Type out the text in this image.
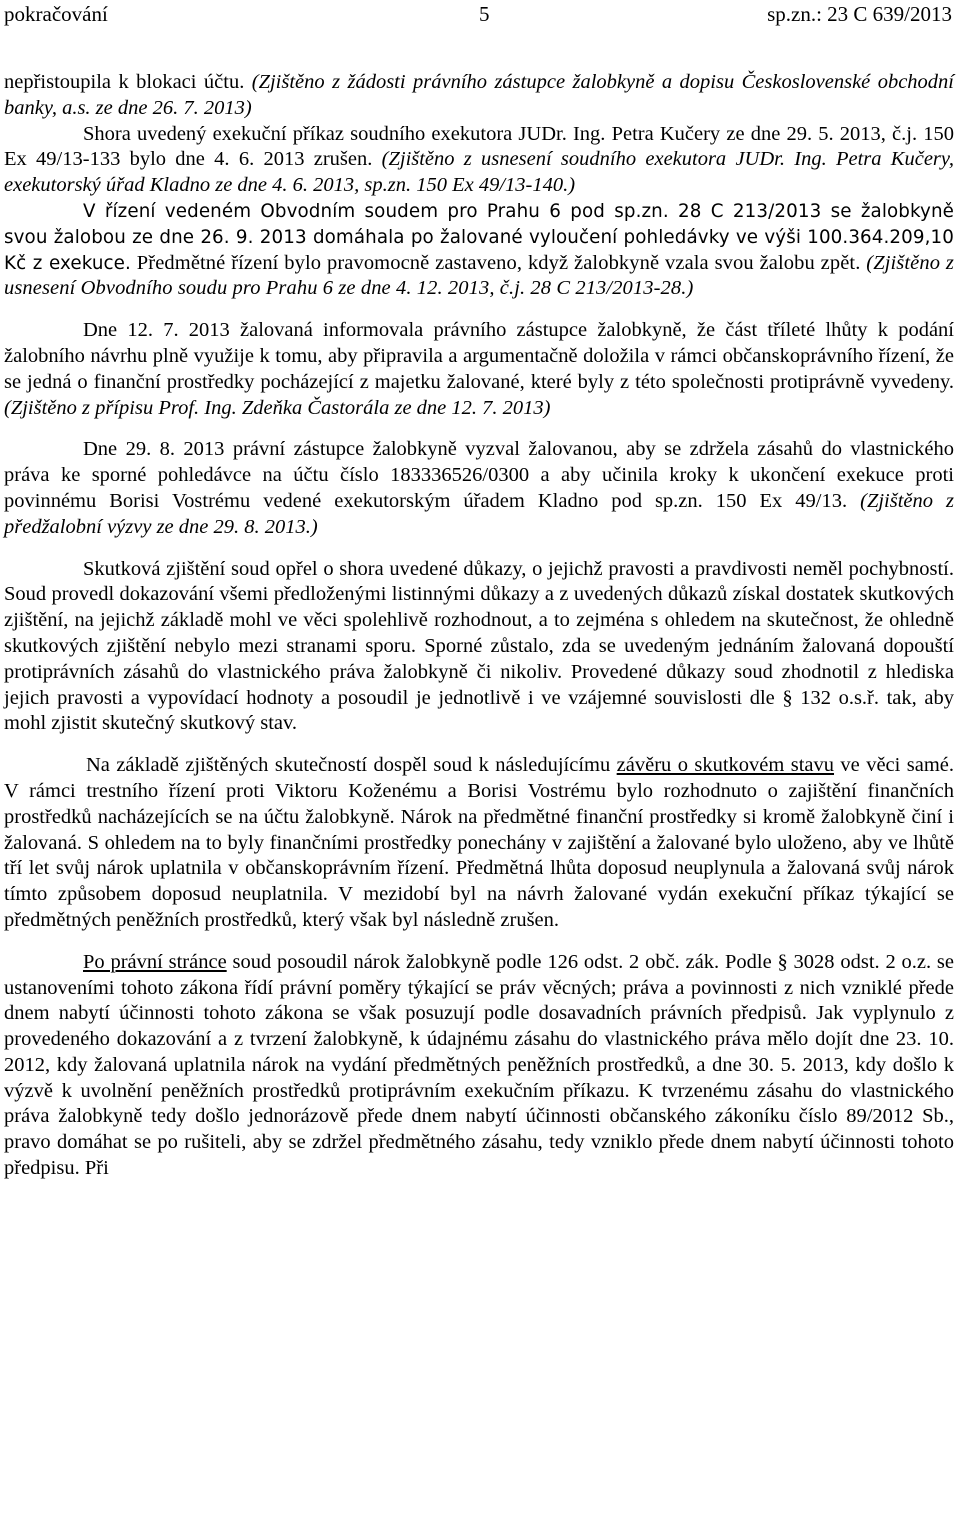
pokračování	5	sp.zn.: 23 C 639/2013

nepřistoupila k blokaci účtu. (Zjištěno z žádosti právního zástupce žalobkyně a dopisu Československé obchodní banky, a.s. ze dne 26. 7. 2013)

Shora uvedený exekuční příkaz soudního exekutora JUDr. Ing. Petra Kučery ze dne 29. 5. 2013, č.j. 150 Ex 49/13-133 bylo dne 4. 6. 2013 zrušen. (Zjištěno z usnesení soudního exekutora JUDr. Ing. Petra Kučery, exekutorský úřad Kladno ze dne 4. 6. 2013, sp.zn. 150 Ex 49/13-140.)

V řízení vedeném Obvodním soudem pro Prahu 6 pod sp.zn. 28 C 213/2013 se žalobkyně svou žalobou ze dne 26. 9. 2013 domáhala po žalované vyloučení pohledávky ve výši 100.364.209,10 Kč z exekuce. Předmětné řízení bylo pravomocně zastaveno, když žalobkyně vzala svou žalobu zpět. (Zjištěno z usnesení Obvodního soudu pro Prahu 6 ze dne 4. 12. 2013, č.j. 28 C 213/2013-28.)

Dne 12. 7. 2013 žalovaná informovala právního zástupce žalobkyně, že část tříleté lhůty k podání žalobního návrhu plně využije k tomu, aby připravila a argumentačně doložila v rámci občanskoprávního řízení, že se jedná o finanční prostředky pocházející z majetku žalované, které byly z této společnosti protiprávně vyvedeny. (Zjištěno z přípisu Prof. Ing. Zdeňka Častorála ze dne 12. 7. 2013)

Dne 29. 8. 2013 právní zástupce žalobkyně vyzval žalovanou, aby se zdržela zásahů do vlastnického práva ke sporné pohledávce na účtu číslo 183336526/0300 a aby učinila kroky k ukončení exekuce proti povinnému Borisi Vostrému vedené exekutorským úřadem Kladno pod sp.zn. 150 Ex 49/13. (Zjištěno z předžalobní výzvy ze dne 29. 8. 2013.)

Skutková zjištění soud opřel o shora uvedené důkazy, o jejichž pravosti a pravdivosti neměl pochybností. Soud provedl dokazování všemi předloženými listinnými důkazy a z uvedených důkazů získal dostatek skutkových zjištění, na jejichž základě mohl ve věci spolehlivě rozhodnout, a to zejména s ohledem na skutečnost, že ohledně skutkových zjištění nebylo mezi stranami sporu. Sporné zůstalo, zda se uvedeným jednáním žalovaná dopouští protiprávních zásahů do vlastnického práva žalobkyně či nikoliv. Provedené důkazy soud zhodnotil z hlediska jejich pravosti a vypovídací hodnoty a posoudil je jednotlivě i ve vzájemné souvislosti dle § 132 o.s.ř. tak, aby mohl zjistit skutečný skutkový stav.

Na základě zjištěných skutečností dospěl soud k následujícímu závěru o skutkovém stavu ve věci samé. V rámci trestního řízení proti Viktoru Koženému a Borisi Vostrému bylo rozhodnuto o zajištění finančních prostředků nacházejících se na účtu žalobkyně. Nárok na předmětné finanční prostředky si kromě žalobkyně činí i žalovaná. S ohledem na to byly finančními prostředky ponechány v zajištění a žalované bylo uloženo, aby ve lhůtě tří let svůj nárok uplatnila v občanskoprávním řízení. Předmětná lhůta doposud neuplynula a žalovaná svůj nárok tímto způsobem doposud neuplatnila. V mezidobí byl na návrh žalované vydán exekuční příkaz týkající se předmětných peněžních prostředků, který však byl následně zrušen.

Po právní stránce soud posoudil nárok žalobkyně podle 126 odst. 2 obč. zák. Podle § 3028 odst. 2 o.z. se ustanoveními tohoto zákona řídí právní poměry týkající se práv věcných; práva a povinnosti z nich vzniklé přede dnem nabytí účinnosti tohoto zákona se však posuzují podle dosavadních právních předpisů. Jak vyplynulo z provedeného dokazování a z tvrzení žalobkyně, k údajnému zásahu do vlastnického práva mělo dojít dne 23. 10. 2012, kdy žalovaná uplatnila nárok na vydání předmětných peněžních prostředků, a dne 30. 5. 2013, kdy došlo k výzvě k uvolnění peněžních prostředků protiprávním exekučním příkazu. K tvrzenému zásahu do vlastnického práva žalobkyně tedy došlo jednorázově přede dnem nabytí účinnosti občanského zákoníku číslo 89/2012 Sb., pravo domáhat se po rušiteli, aby se zdržel předmětného zásahu, tedy vzniklo přede dnem nabytí účinnosti tohoto předpisu. Při
